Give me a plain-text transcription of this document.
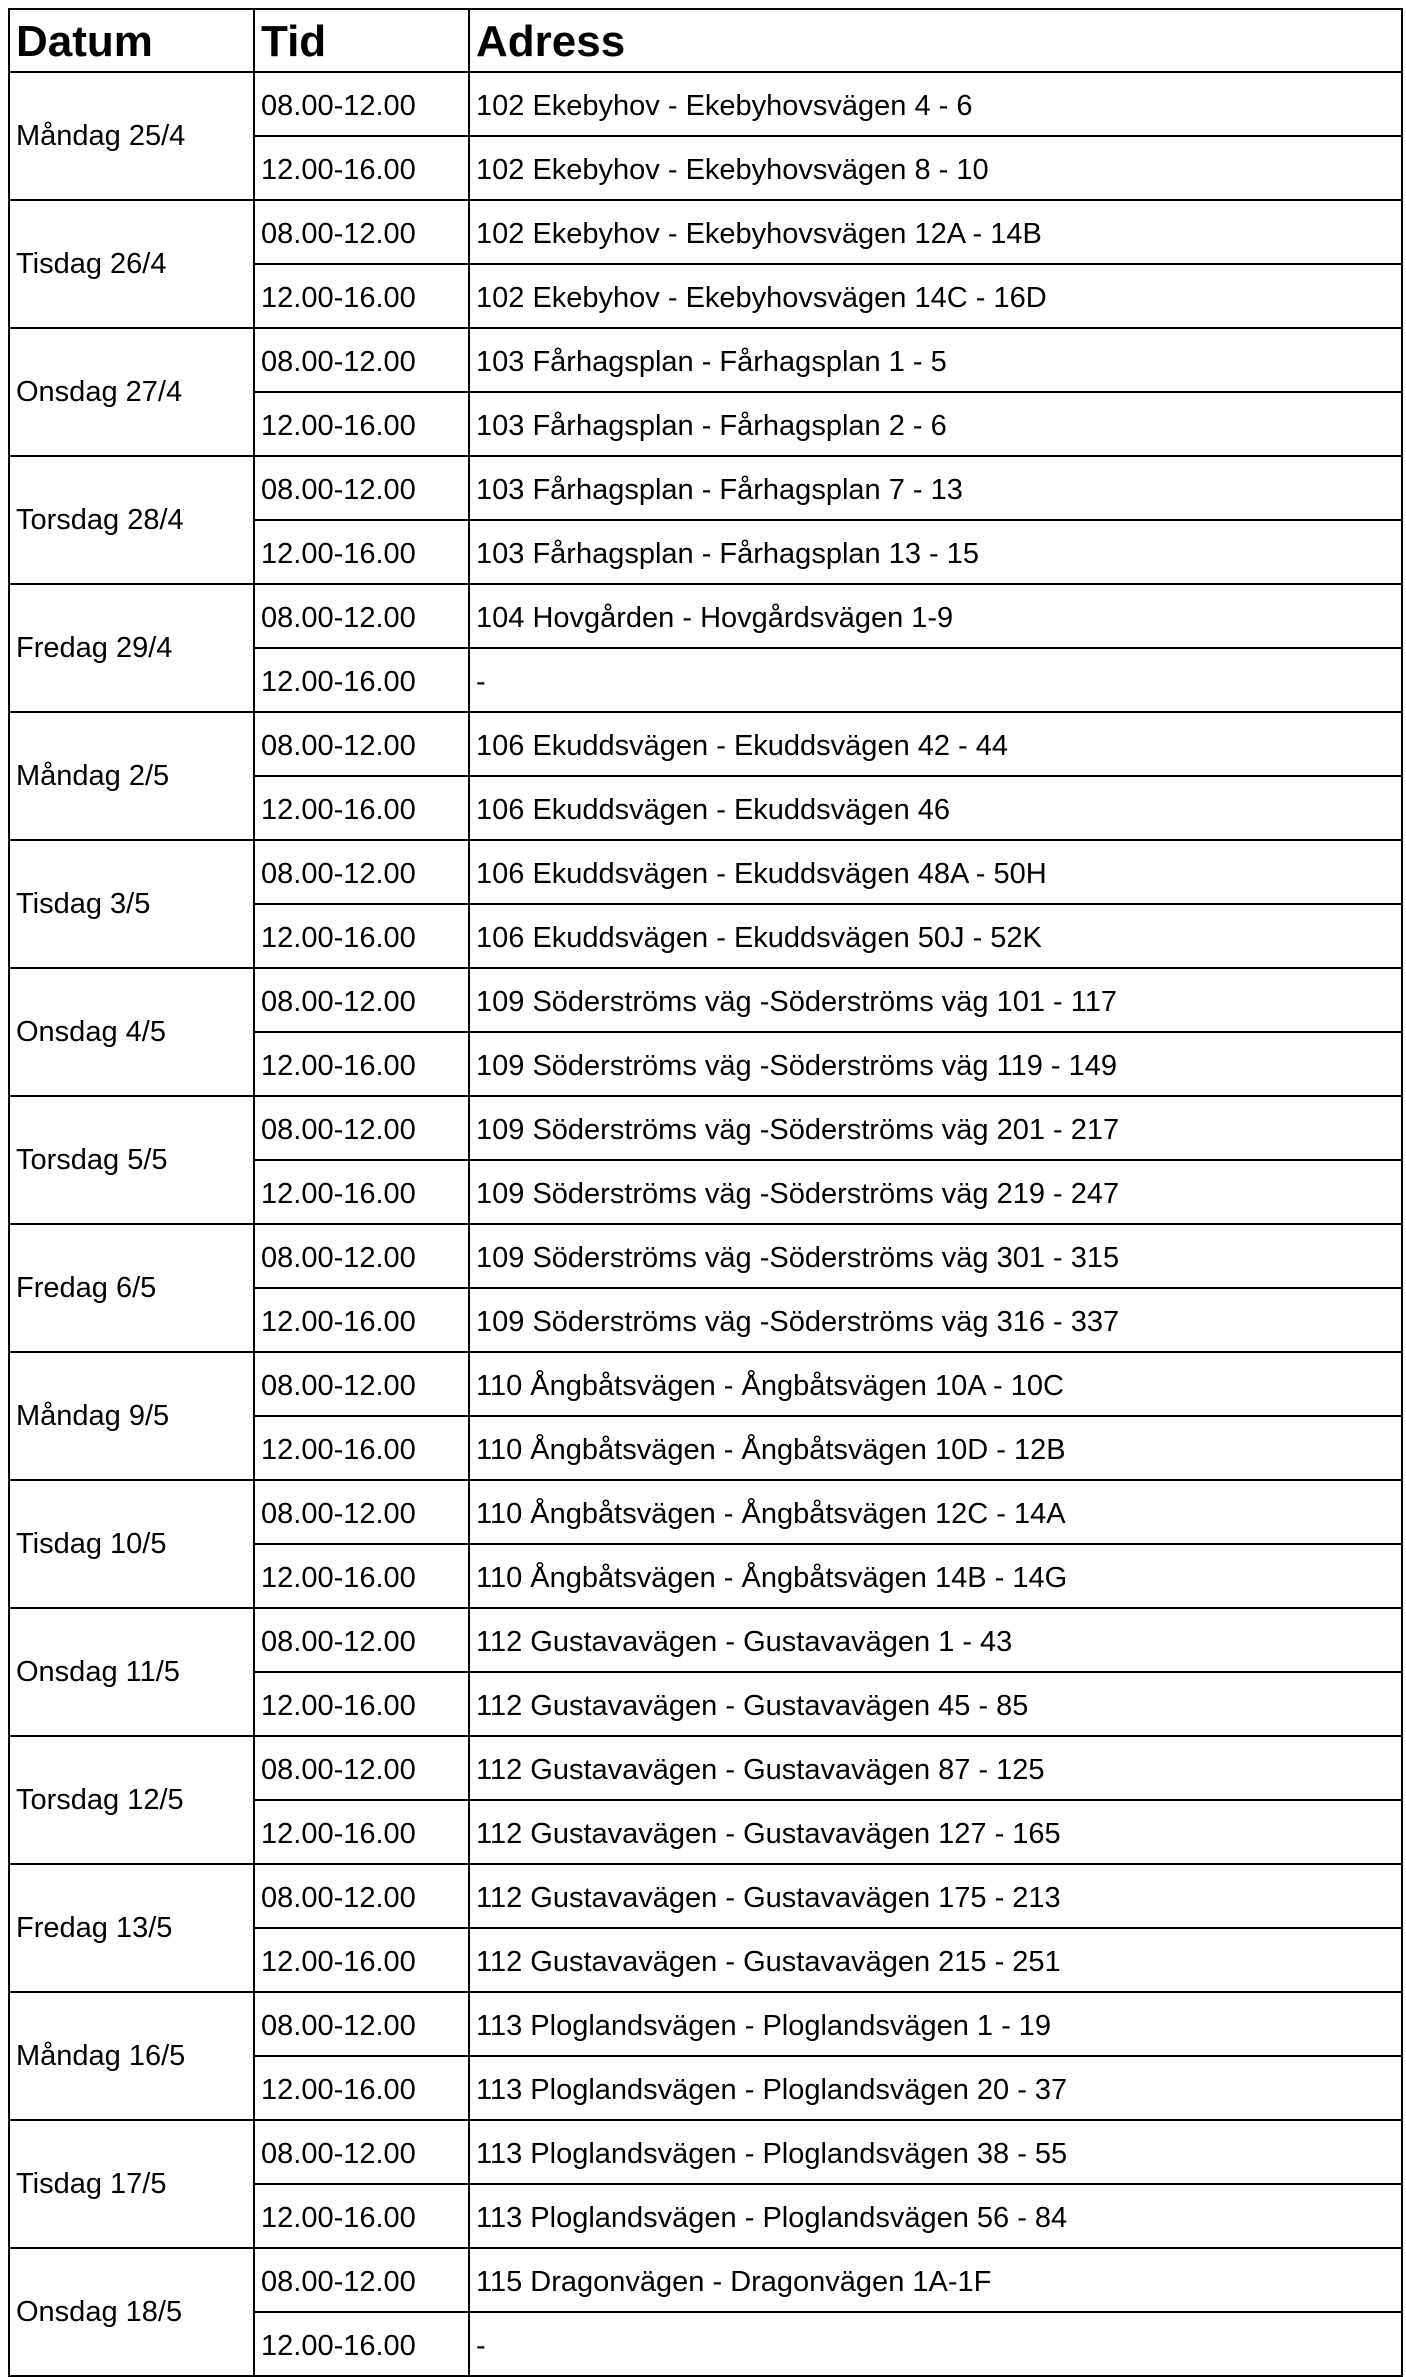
Datum	Tid	Adress
Måndag 25/4	08.00-12.00	102 Ekebyhov - Ekebyhovsvägen 4 - 6
	12.00-16.00	102 Ekebyhov - Ekebyhovsvägen 8 - 10
Tisdag 26/4	08.00-12.00	102 Ekebyhov - Ekebyhovsvägen 12A - 14B
	12.00-16.00	102 Ekebyhov - Ekebyhovsvägen 14C - 16D
Onsdag 27/4	08.00-12.00	103 Fårhagsplan - Fårhagsplan 1 - 5
	12.00-16.00	103 Fårhagsplan - Fårhagsplan 2 - 6
Torsdag 28/4	08.00-12.00	103 Fårhagsplan - Fårhagsplan 7 - 13
	12.00-16.00	103 Fårhagsplan - Fårhagsplan 13 - 15
Fredag 29/4	08.00-12.00	104 Hovgården - Hovgårdsvägen 1-9
	12.00-16.00	-
Måndag 2/5	08.00-12.00	106 Ekuddsvägen - Ekuddsvägen 42 - 44
	12.00-16.00	106 Ekuddsvägen - Ekuddsvägen 46
Tisdag 3/5	08.00-12.00	106 Ekuddsvägen - Ekuddsvägen 48A - 50H
	12.00-16.00	106 Ekuddsvägen - Ekuddsvägen 50J - 52K
Onsdag 4/5	08.00-12.00	109 Söderströms väg -Söderströms väg 101 - 117
	12.00-16.00	109 Söderströms väg -Söderströms väg 119 - 149
Torsdag 5/5	08.00-12.00	109 Söderströms väg -Söderströms väg 201 - 217
	12.00-16.00	109 Söderströms väg -Söderströms väg 219 - 247
Fredag 6/5	08.00-12.00	109 Söderströms väg -Söderströms väg 301 - 315
	12.00-16.00	109 Söderströms väg -Söderströms väg 316 - 337
Måndag 9/5	08.00-12.00	110 Ångbåtsvägen - Ångbåtsvägen 10A - 10C
	12.00-16.00	110 Ångbåtsvägen - Ångbåtsvägen 10D - 12B
Tisdag 10/5	08.00-12.00	110 Ångbåtsvägen - Ångbåtsvägen 12C - 14A
	12.00-16.00	110 Ångbåtsvägen - Ångbåtsvägen 14B - 14G
Onsdag 11/5	08.00-12.00	112 Gustavavägen - Gustavavägen 1 - 43
	12.00-16.00	112 Gustavavägen - Gustavavägen 45 - 85
Torsdag 12/5	08.00-12.00	112 Gustavavägen - Gustavavägen 87 - 125
	12.00-16.00	112 Gustavavägen - Gustavavägen 127 - 165
Fredag 13/5	08.00-12.00	112 Gustavavägen - Gustavavägen 175 - 213
	12.00-16.00	112 Gustavavägen - Gustavavägen 215 - 251
Måndag 16/5	08.00-12.00	113 Ploglandsvägen - Ploglandsvägen 1 - 19
	12.00-16.00	113 Ploglandsvägen - Ploglandsvägen 20 - 37
Tisdag 17/5	08.00-12.00	113 Ploglandsvägen - Ploglandsvägen 38 - 55
	12.00-16.00	113 Ploglandsvägen - Ploglandsvägen 56 - 84
Onsdag 18/5	08.00-12.00	115 Dragonvägen - Dragonvägen 1A-1F
	12.00-16.00	-
